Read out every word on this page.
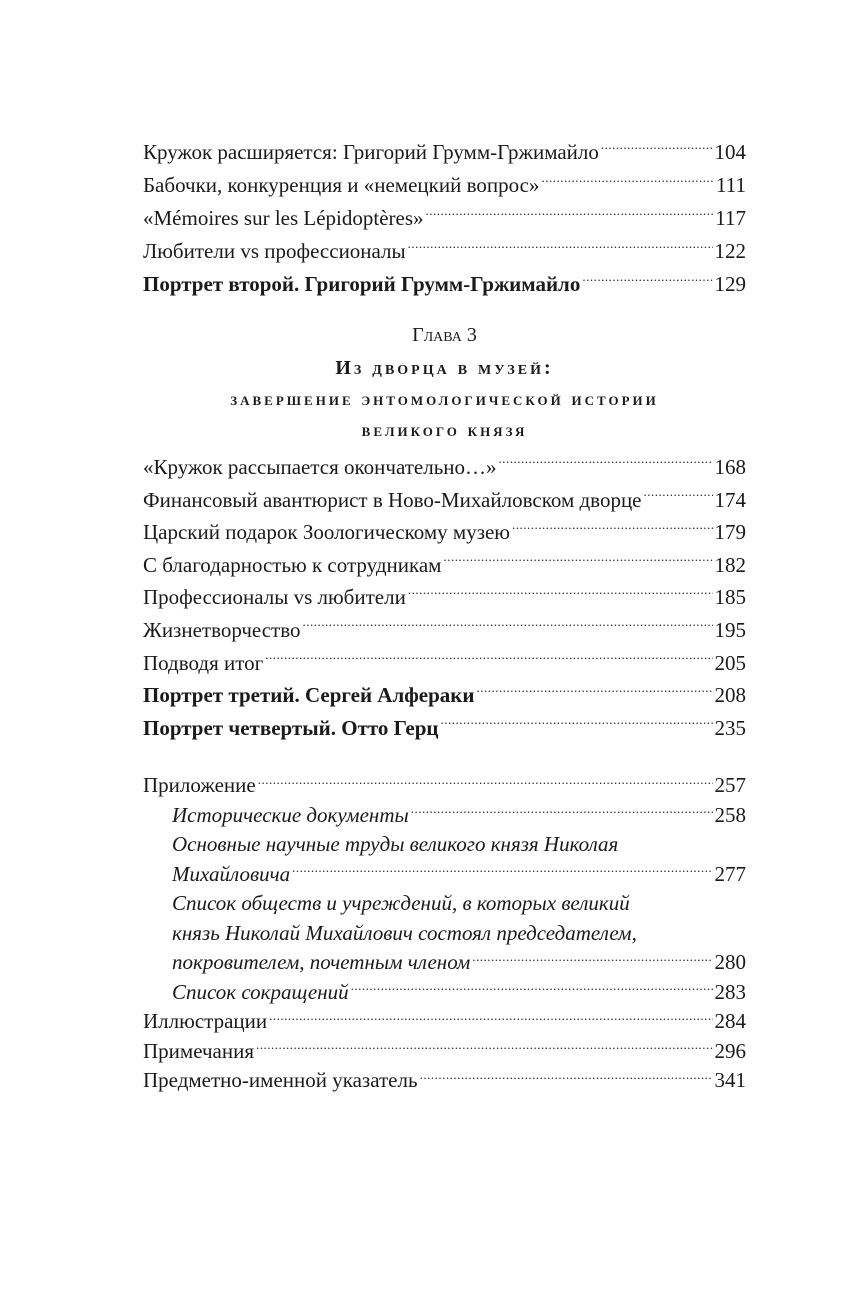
Кружок расширяется: Григорий Грумм-Гржимайло .....	104
Бабочки, конкуренция и «немецкий вопрос» .....	111
«Mémoires sur les Lépidoptères» .....	117
Любители vs профессионалы .....	122
Портрет второй. Григорий Грумм-Гржимайло .....	129
Глава 3
Из дворца в музей:
завершение энтомологической истории
великого князя
«Кружок рассыпается окончательно…» .....	168
Финансовый авантюрист в Ново-Михайловском дворце .....	174
Царский подарок Зоологическому музею .....	179
С благодарностью к сотрудникам .....	182
Профессионалы vs любители .....	185
Жизнетворчество .....	195
Подводя итог .....	205
Портрет третий. Сергей Алфераки .....	208
Портрет четвертый. Отто Герц .....	235
Приложение .....	257
Исторические документы .....	258
Основные научные труды великого князя Николая
Михайловича .....	277
Список обществ и учреждений, в которых великий
князь Николай Михайлович состоял председателем,
покровителем, почетным членом .....	280
Список сокращений .....	283
Иллюстрации .....	284
Примечания .....	296
Предметно-именной указатель .....	341
